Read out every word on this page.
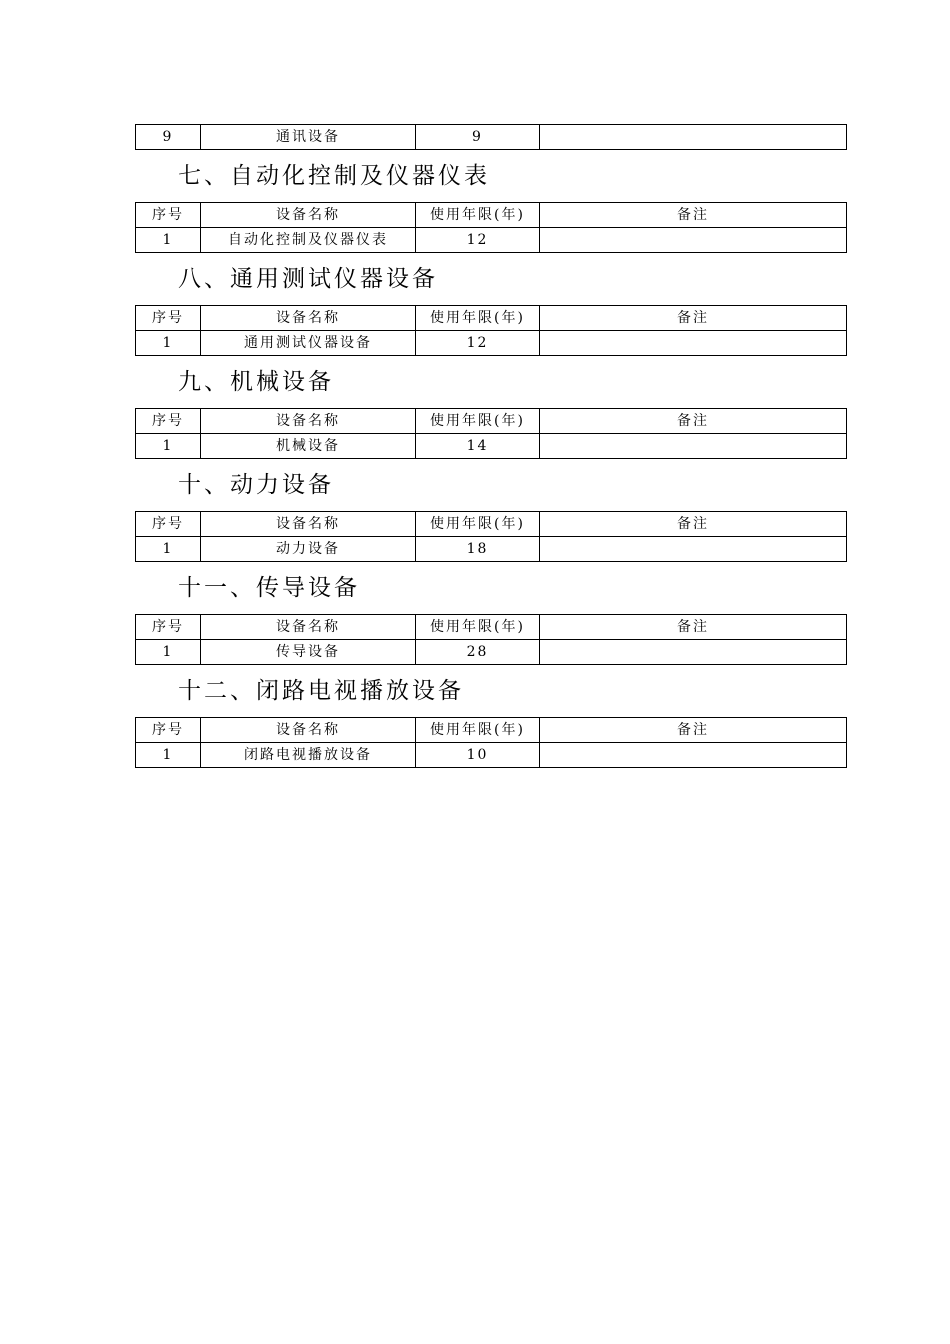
9	通讯设备	9	
七、自动化控制及仪器仪表
序号	设备名称	使用年限(年)	备注
1	自动化控制及仪器仪表	12	
八、通用测试仪器设备
序号	设备名称	使用年限(年)	备注
1	通用测试仪器设备	12	
九、机械设备
序号	设备名称	使用年限(年)	备注
1	机械设备	14	
十、动力设备
序号	设备名称	使用年限(年)	备注
1	动力设备	18	
十一、传导设备
序号	设备名称	使用年限(年)	备注
1	传导设备	28	
十二、闭路电视播放设备
序号	设备名称	使用年限(年)	备注
1	闭路电视播放设备	10	
